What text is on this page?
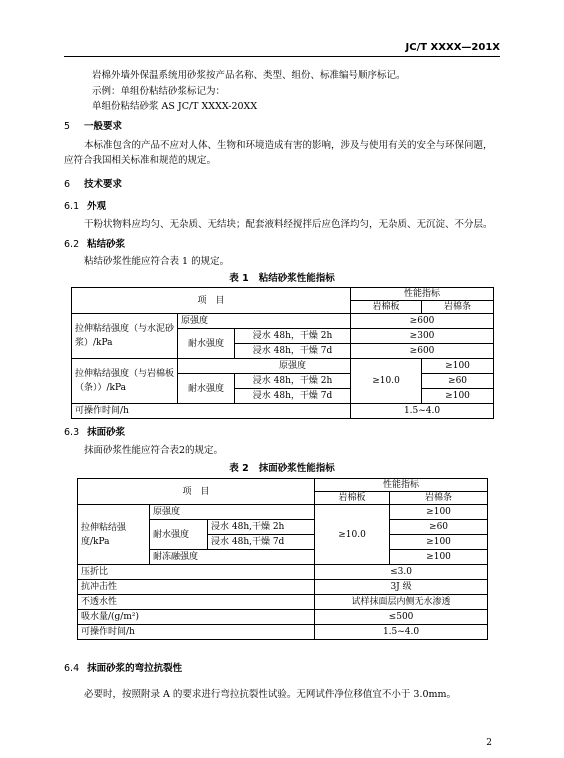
JC/T XXXX—201X
岩棉外墙外保温系统用砂浆按产品名称、类型、组份、标准编号顺序标记。
示例：单组份粘结砂浆标记为：
单组份粘结砂浆 AS JC/T XXXX-20XX
5 一般要求
本标准包含的产品不应对人体、生物和环境造成有害的影响，涉及与使用有关的安全与环保问题，
应符合我国相关标准和规范的规定。
6 技术要求
6.1 外观
干粉状物料应均匀、无杂质、无结块；配套液料经搅拌后应色泽均匀，无杂质、无沉淀、不分层。
6.2 粘结砂浆
粘结砂浆性能应符合表 1 的规定。
表 1 粘结砂浆性能指标
项　目			性能指标	
			岩棉板	岩棉条
拉伸粘结强度（与水泥砂浆）/kPa	原强度		≥600	
	耐水强度	浸水 48h，干燥 2h	≥300	
		浸水 48h，干燥 7d	≥600	
拉伸粘结强度（与岩棉板（条））/kPa	原强度		≥10.0	≥100
	耐水强度	浸水 48h，干燥 2h		≥60
		浸水 48h，干燥 7d		≥100
可操作时间/h			1.5~4.0	
6.3 抹面砂浆
抹面砂浆性能应符合表2的规定。
表 2 抹面砂浆性能指标
项　目			性能指标	
			岩棉板	岩棉条
拉伸粘结强度/kPa	原强度		≥10.0	≥100
	耐水强度	浸水 48h,干燥 2h		≥60
		浸水 48h,干燥 7d		≥100
	耐冻融强度			≥100
压折比			≤3.0	
抗冲击性			3J 级	
不透水性			试样抹面层内侧无水渗透	
吸水量/(g/m²)			≤500	
可操作时间/h			1.5~4.0	
6.4 抹面砂浆的弯拉抗裂性
必要时，按照附录 A 的要求进行弯拉抗裂性试验。无网试件净位移值宜不小于 3.0mm。
2
